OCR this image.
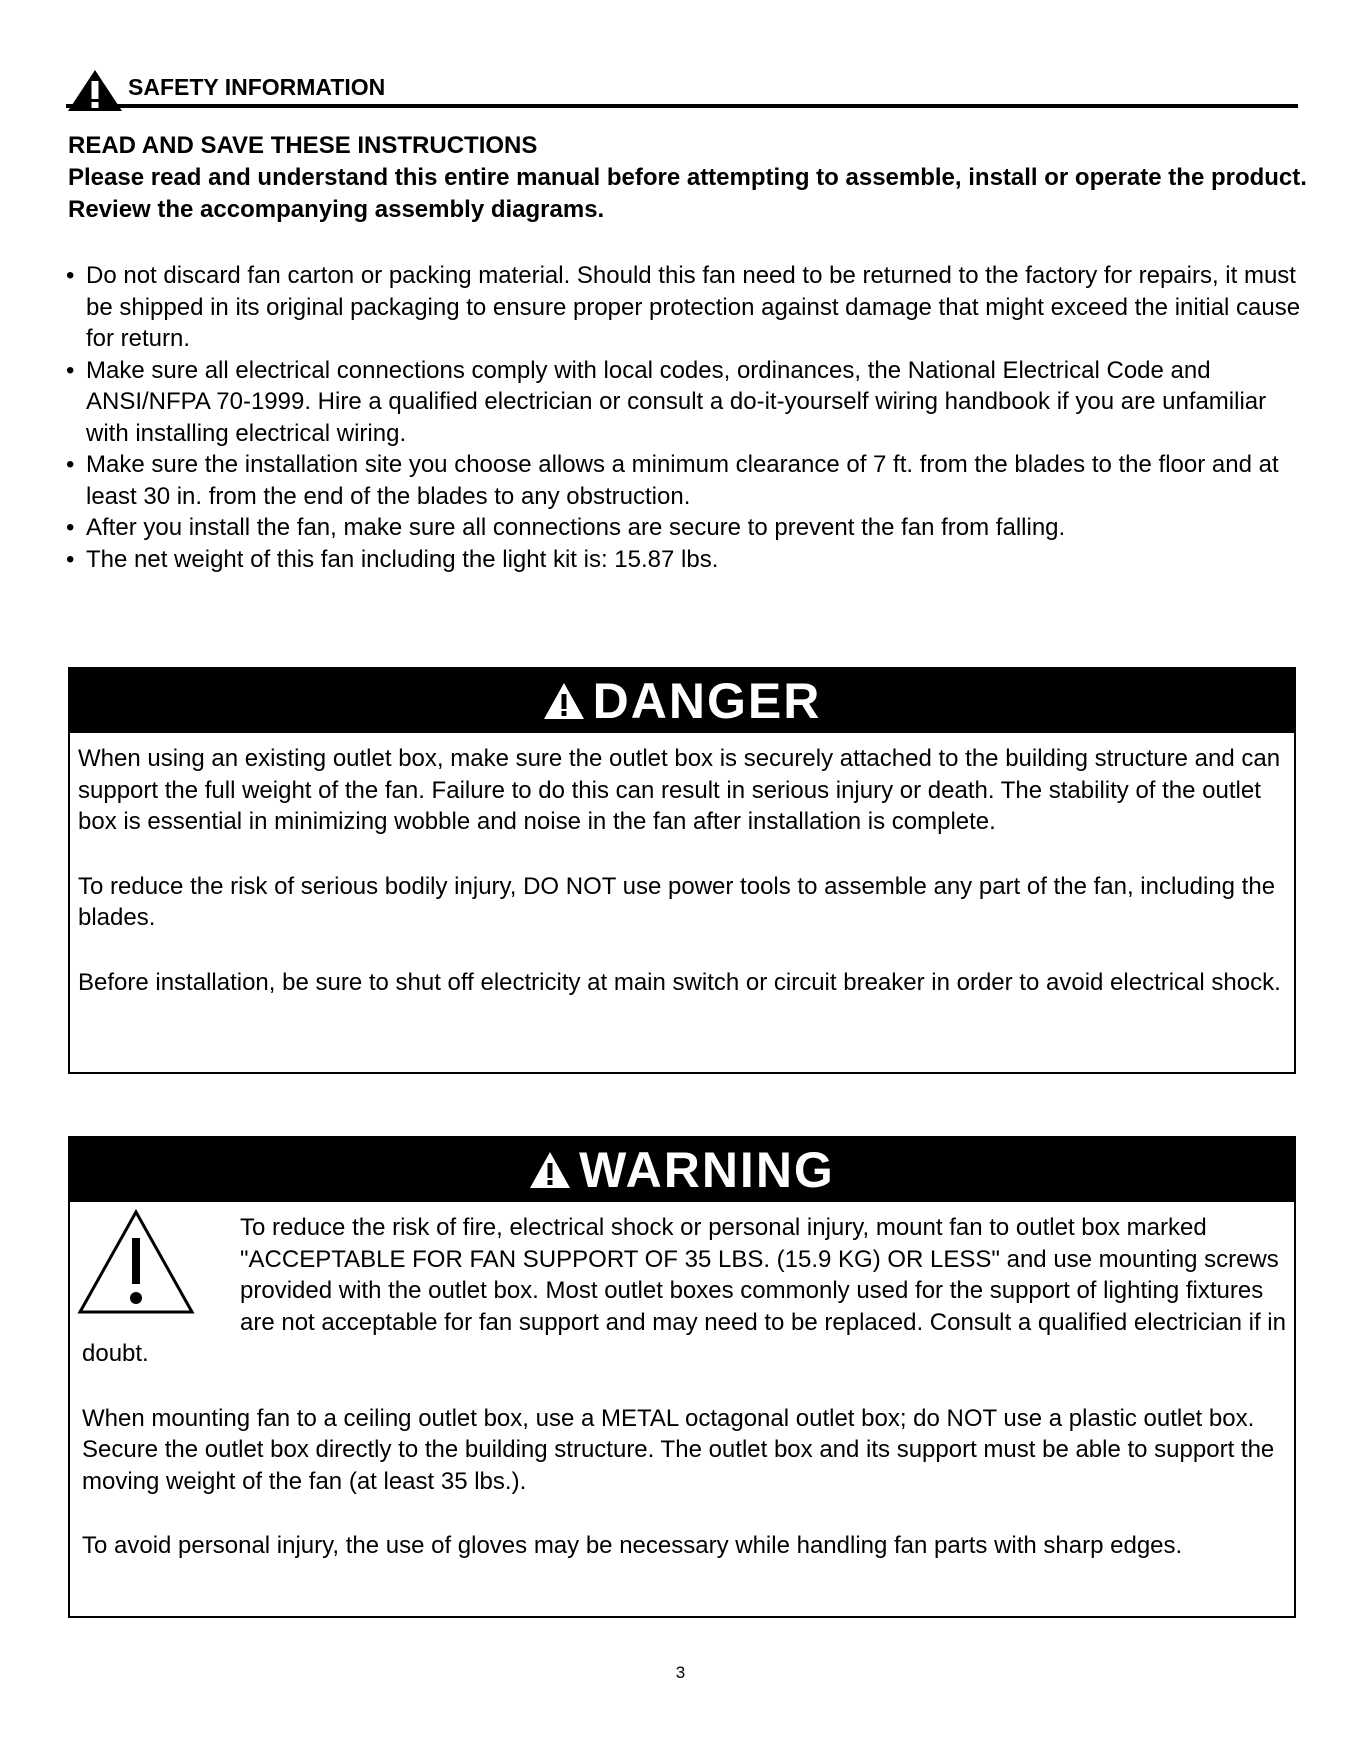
SAFETY INFORMATION
READ AND SAVE THESE INSTRUCTIONS
Please read and understand this entire manual before attempting to assemble, install or operate the product. Review the accompanying assembly diagrams.
• Do not discard fan carton or packing material. Should this fan need to be returned to the factory for repairs, it must be shipped in its original packaging to ensure proper protection against damage that might exceed the initial cause for return.
• Make sure all electrical connections comply with local codes, ordinances, the National Electrical Code and ANSI/NFPA 70-1999. Hire a qualified electrician or consult a do-it-yourself wiring handbook if you are unfamiliar with installing electrical wiring.
• Make sure the installation site you choose allows a minimum clearance of 7 ft. from the blades to the floor and at least 30 in. from the end of the blades to any obstruction.
• After you install the fan, make sure all connections are secure to prevent the fan from falling.
• The net weight of this fan including the light kit is: 15.87 lbs.
DANGER

When using an existing outlet box, make sure the outlet box is securely attached to the building structure and can support the full weight of the fan. Failure to do this can result in serious injury or death. The stability of the outlet box is essential in minimizing wobble and noise in the fan after installation is complete.

To reduce the risk of serious bodily injury, DO NOT use power tools to assemble any part of the fan, including the blades.

Before installation, be sure to shut off electricity at main switch or circuit breaker in order to avoid electrical shock.

WARNING

To reduce the risk of fire, electrical shock or personal injury, mount fan to outlet box marked "ACCEPTABLE FOR FAN SUPPORT OF 35 LBS. (15.9 KG) OR LESS" and use mounting screws provided with the outlet box. Most outlet boxes commonly used for the support of lighting fixtures are not acceptable for fan support and may need to be replaced. Consult a qualified electrician if in doubt.

When mounting fan to a ceiling outlet box, use a METAL octagonal outlet box; do NOT use a plastic outlet box. Secure the outlet box directly to the building structure. The outlet box and its support must be able to support the moving weight of the fan (at least 35 lbs.).

To avoid personal injury, the use of gloves may be necessary while handling fan parts with sharp edges.

3
